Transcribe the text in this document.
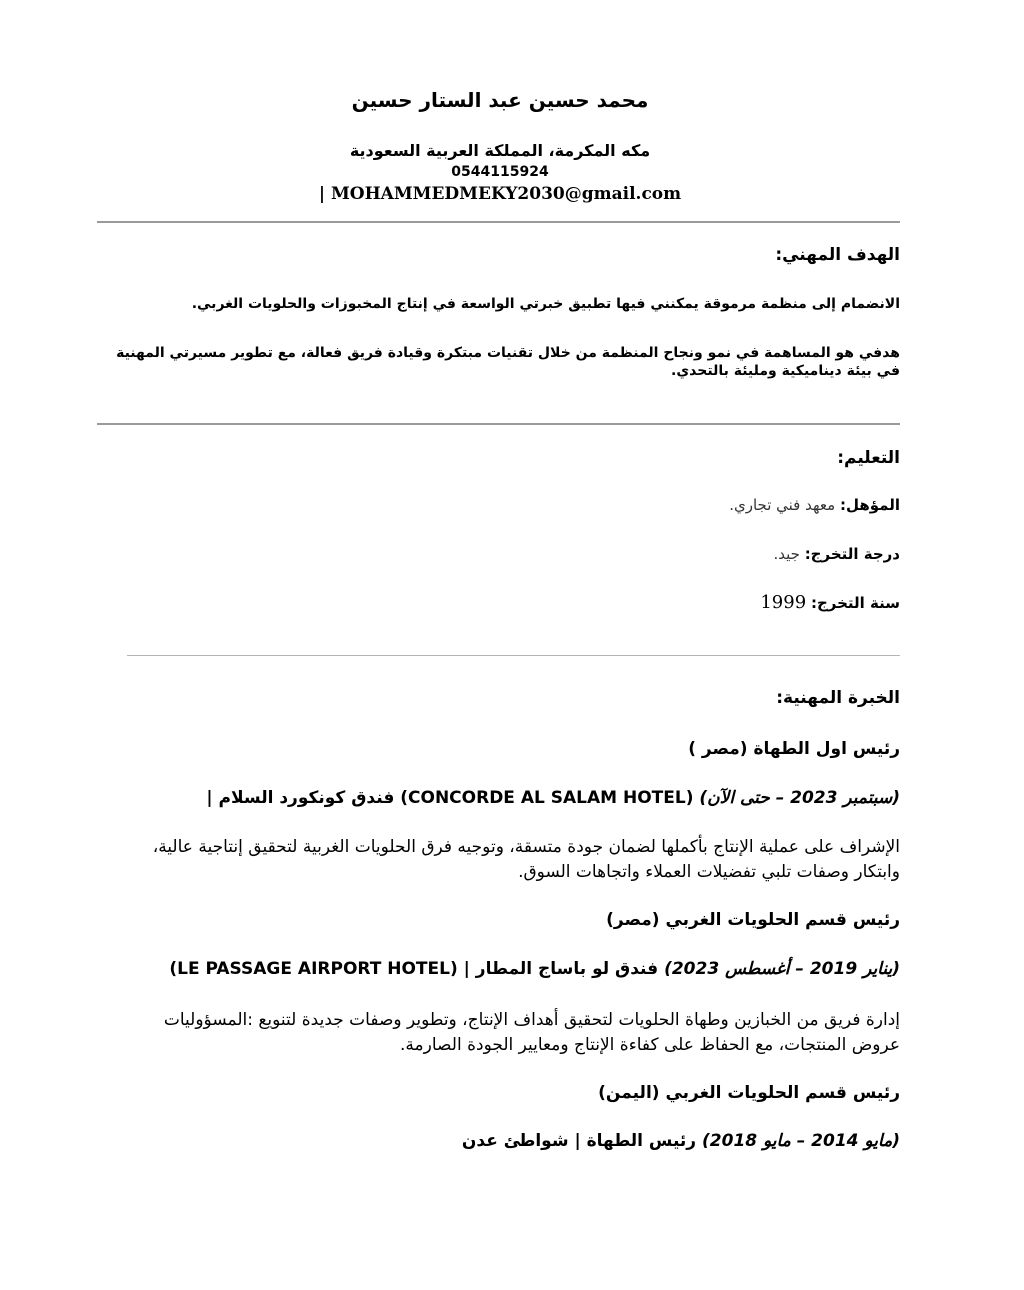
محمد حسين عبد الستار حسين
مكه المكرمة، المملكة العربية السعودية
0544115924
| MOHAMMEDMEKY2030@gmail.com
الهدف المهني:
الانضمام إلى منظمة مرموقة يمكنني فيها تطبيق خبرتي الواسعة في إنتاج المخبوزات والحلويات الغربي.
هدفي هو المساهمة في نمو ونجاح المنظمة من خلال تقنيات مبتكرة وقيادة فريق فعالة، مع تطوير مسيرتي المهنية في بيئة ديناميكية ومليئة بالتحدي.
التعليم:
المؤهل: معهد فني تجاري.
درجة التخرج: جيد.
سنة التخرج: 1999
الخبرة المهنية:
رئيس اول الطهاة (مصر )
(سبتمبر 2023 – حتى الآن) (CONCORDE AL SALAM HOTEL) فندق كونكورد السلام |
الإشراف على عملية الإنتاج بأكملها لضمان جودة متسقة، وتوجيه فرق الحلويات الغربية لتحقيق إنتاجية عالية،
وابتكار وصفات تلبي تفضيلات العملاء واتجاهات السوق.
رئيس قسم الحلويات الغربي (مصر)
(يناير 2019 – أغسطس 2023) فندق لو باساج المطار | (LE PASSAGE AIRPORT HOTEL)
إدارة فريق من الخبازين وطهاة الحلويات لتحقيق أهداف الإنتاج، وتطوير وصفات جديدة لتنويع :المسؤوليات
عروض المنتجات، مع الحفاظ على كفاءة الإنتاج ومعايير الجودة الصارمة.
رئيس قسم الحلويات الغربي (اليمن)
(مايو 2014 – مايو 2018) رئيس الطهاة | شواطئ عدن
